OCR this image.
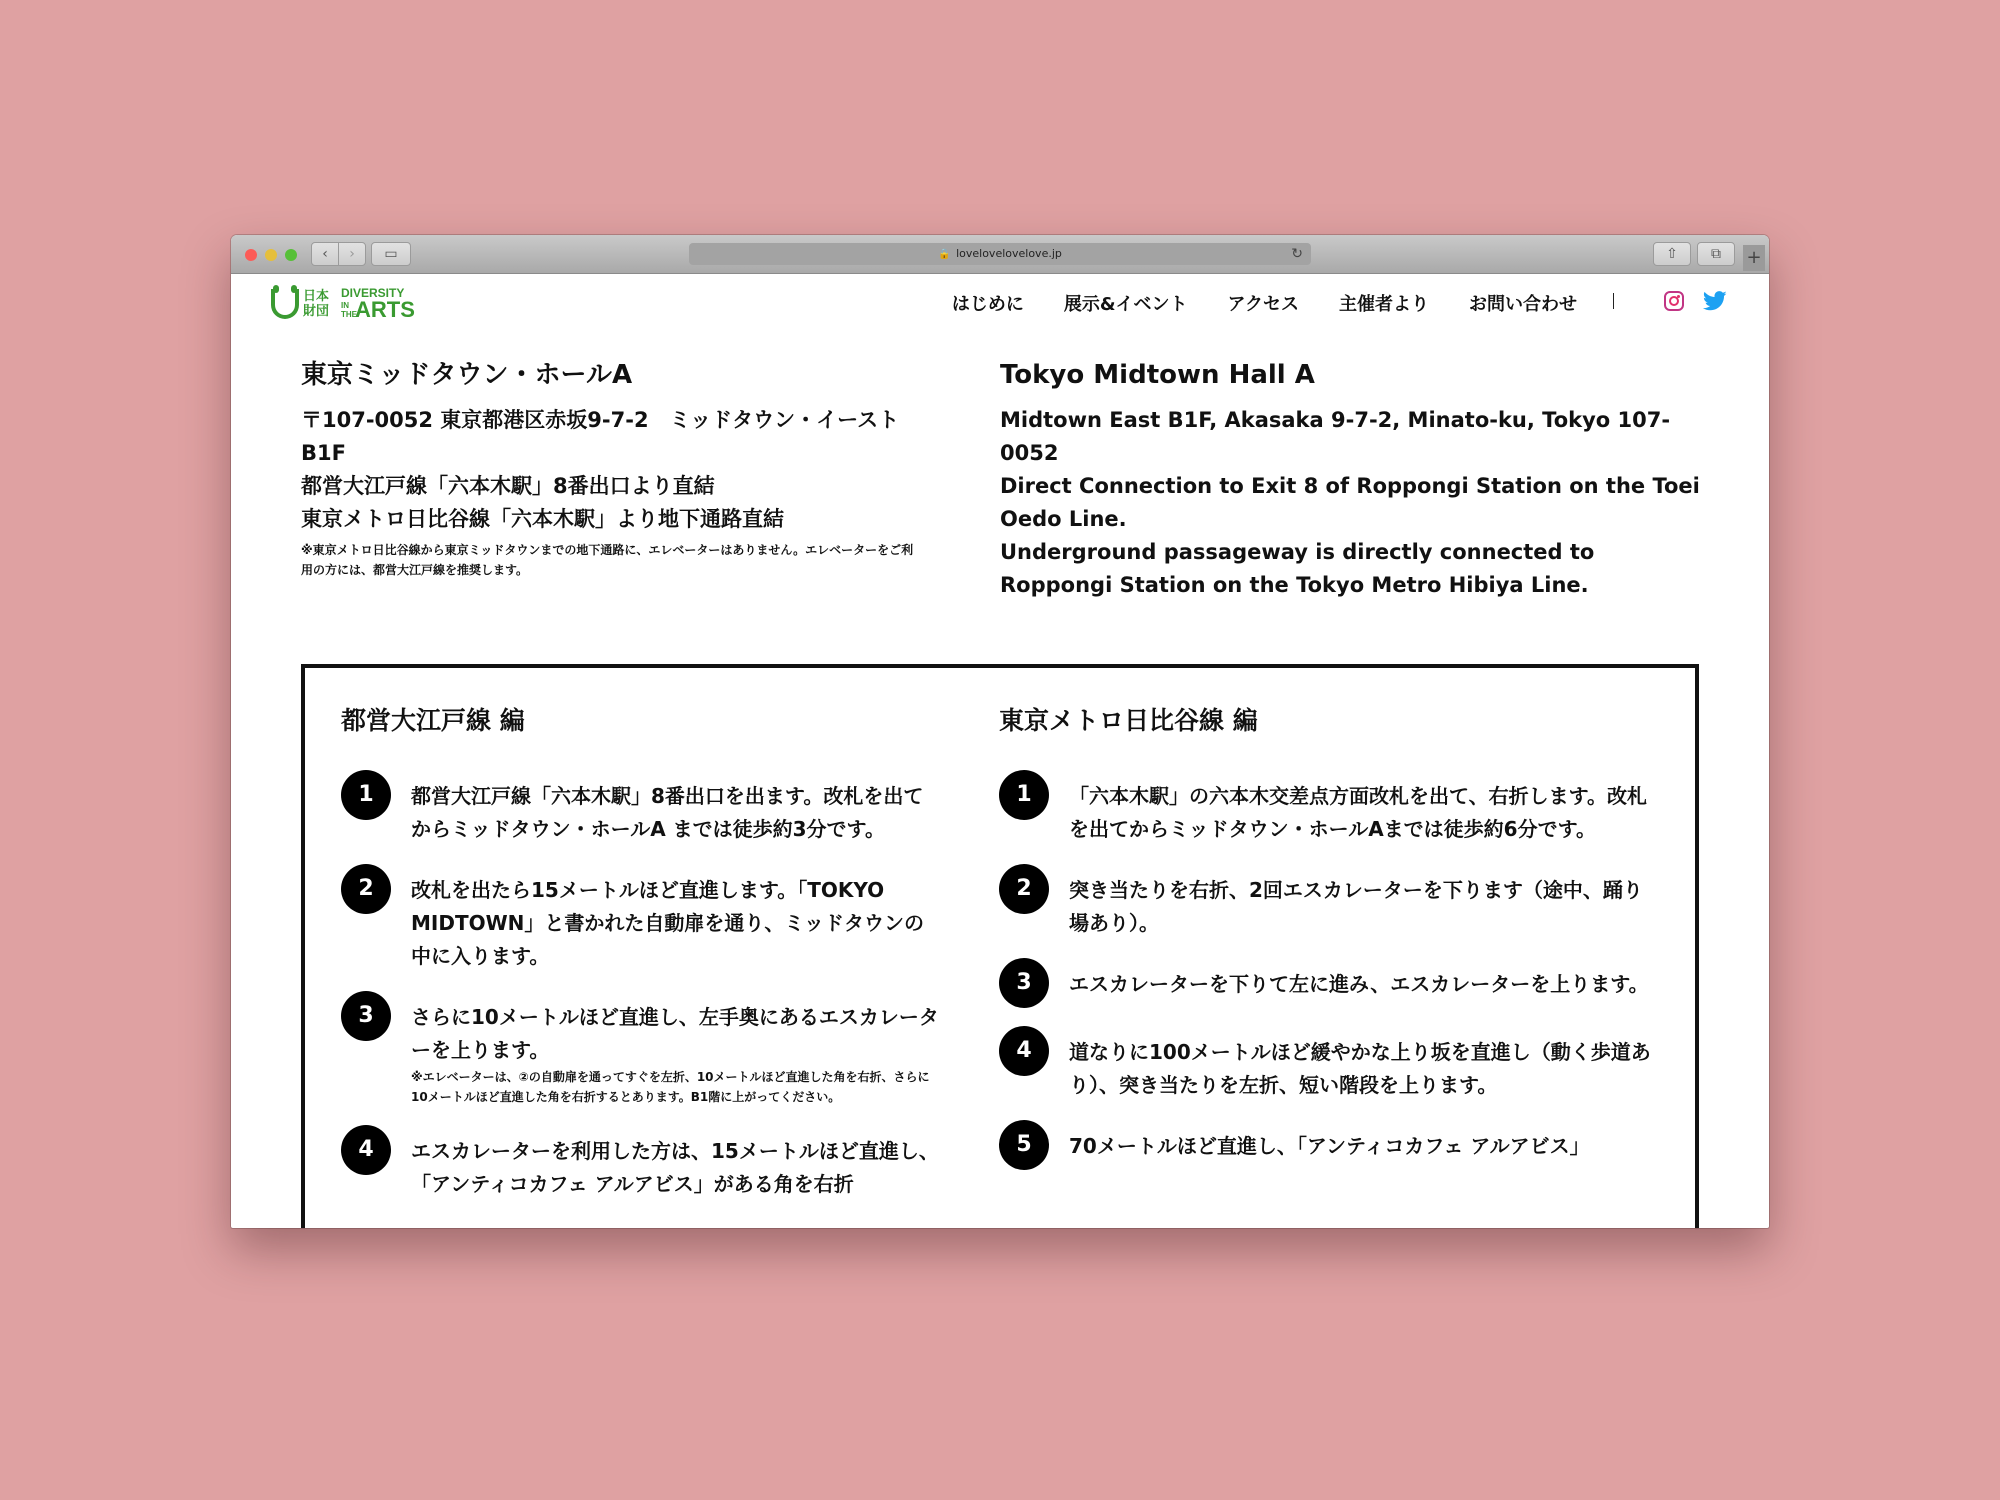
‹	›	▭	🔒 lovelovelovelove.jp	↻	⇧	⧉	+
日本財団
DIVERSITY
IN THEARTS	はじめに 展示&イベント アクセス 主催者より お問い合わせ
東京ミッドタウン・ホールA
〒107-0052 東京都港区赤坂9-7-2　ミッドタウン・イースト B1F
都営大江戸線「六本木駅」8番出口より直結
東京メトロ日比谷線「六本木駅」より地下通路直結
※東京メトロ日比谷線から東京ミッドタウンまでの地下通路に、エレベーターはありません。エレベーターをご利用の方には、都営大江戸線を推奨します。
Tokyo Midtown Hall A
Midtown East B1F, Akasaka 9-7-2, Minato-ku, Tokyo 107-0052
Direct Connection to Exit 8 of Roppongi Station on the Toei Oedo Line.
Underground passageway is directly connected to Roppongi Station on the Tokyo Metro Hibiya Line.
都営大江戸線 編
1	都営大江戸線「六本木駅」8番出口を出ます。改札を出てからミッドタウン・ホールA までは徒歩約3分です。
2	改札を出たら15メートルほど直進します。「TOKYO MIDTOWN」と書かれた自動扉を通り、ミッドタウンの中に入ります。
3	さらに10メートルほど直進し、左手奥にあるエスカレーターを上ります。
※エレベーターは、②の自動扉を通ってすぐを左折、10メートルほど直進した角を右折、さらに10メートルほど直進した角を右折するとあります。B1階に上がってください。
4	エスカレーターを利用した方は、15メートルほど直進し、「アンティコカフェ アルアビス」がある角を右折
東京メトロ日比谷線 編
1	「六本木駅」の六本木交差点方面改札を出て、右折します。改札を出てからミッドタウン・ホールAまでは徒歩約6分です。
2	突き当たりを右折、2回エスカレーターを下ります（途中、踊り場あり）。
3	エスカレーターを下りて左に進み、エスカレーターを上ります。
4	道なりに100メートルほど緩やかな上り坂を直進し（動く歩道あり）、突き当たりを左折、短い階段を上ります。
5	70メートルほど直進し、「アンティコカフェ アルアビス」
